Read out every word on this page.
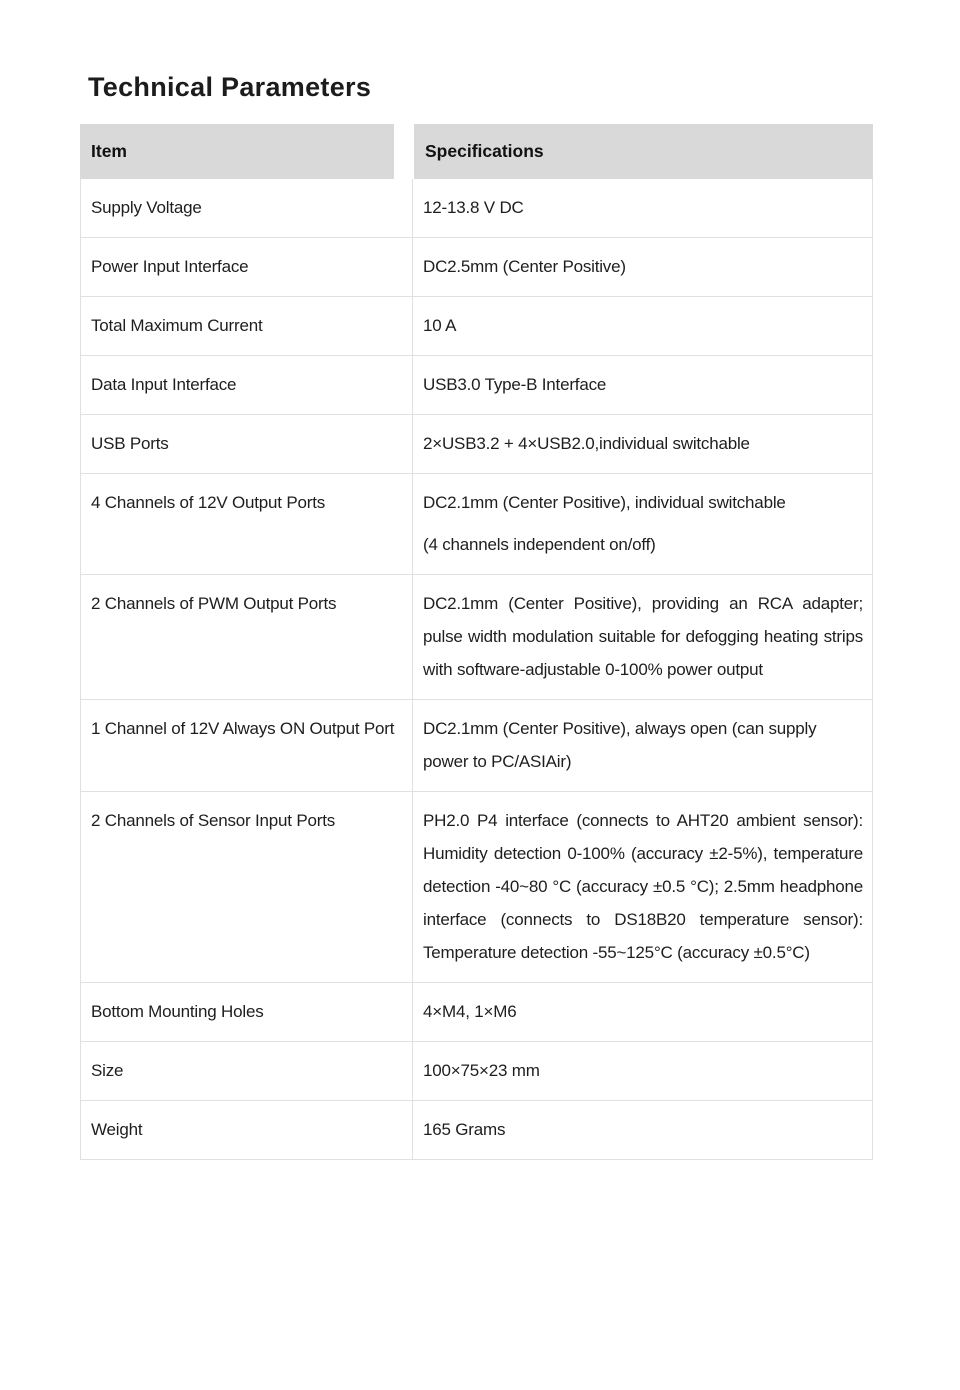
Technical Parameters
Item	Specifications
Supply Voltage	12-13.8 V DC

Power Input Interface	DC2.5mm (Center Positive)

Total Maximum Current	10 A

Data Input Interface	USB3.0 Type-B Interface

USB Ports	2×USB3.2 + 4×USB2.0,individual switchable

4 Channels of 12V Output Ports	DC2.1mm (Center Positive), individual switchable

(4 channels independent on/off)

2 Channels of PWM Output Ports	DC2.1mm (Center Positive), providing an RCA adapter; pulse width modulation suitable for defogging heating strips with software-adjustable 0-100% power output

1 Channel of 12V Always ON Output Port	DC2.1mm (Center Positive), always open (can supply power to PC/ASIAir)

2 Channels of Sensor Input Ports	PH2.0 P4 interface (connects to AHT20 ambient sensor): Humidity detection 0-100% (accuracy ±2-5%), temperature detection -40~80 °C (accuracy ±0.5 °C); 2.5mm headphone interface (connects to DS18B20 temperature sensor): Temperature detection -55~125°C (accuracy ±0.5°C)

Bottom Mounting Holes	4×M4, 1×M6

Size	100×75×23 mm

Weight	165 Grams
